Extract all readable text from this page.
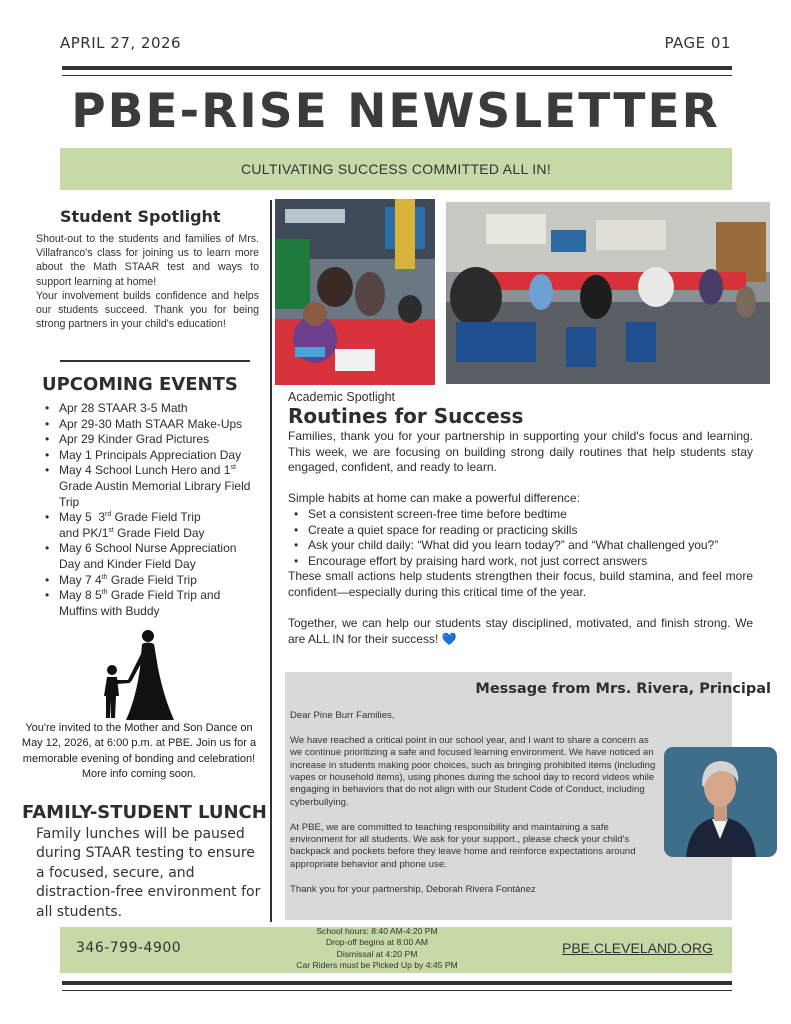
APRIL 27, 2026	PAGE 01
PBE-RISE NEWSLETTER
CULTIVATING SUCCESS COMMITTED ALL IN!
Student Spotlight

Shout-out to the students and families of Mrs. Villafranco's class for joining us to learn more about the Math STAAR test and ways to support learning at home!

Your involvement builds confidence and helps our students succeed. Thank you for being strong partners in your child's education!

UPCOMING EVENTS
• Apr 28 STAAR 3-5 Math
• Apr 29-30 Math STAAR Make-Ups
• Apr 29 Kinder Grad Pictures
• May 1 Principals Appreciation Day
• May 4 School Lunch Hero and 1st Grade Austin Memorial Library Field Trip
• May 5  3rd Grade Field Trip
and PK/1st Grade Field Day
• May 6 School Nurse Appreciation Day and Kinder Field Day
• May 7 4th Grade Field Trip
• May 8 5th Grade Field Trip and Muffins with Buddy
You're invited to the Mother and Son Dance on May 12, 2026, at 6:00 p.m. at PBE. Join us for a memorable evening of bonding and celebration! More info coming soon.
FAMILY-STUDENT LUNCH
Family lunches will be paused during STAAR testing to ensure a focused, secure, and distraction-free environment for all students.
Academic Spotlight
Routines for Success

Families, thank you for your partnership in supporting your child's focus and learning. This week, we are focusing on building strong daily routines that help students stay engaged, confident, and ready to learn.

Simple habits at home can make a powerful difference:

• Set a consistent screen-free time before bedtime
• Create a quiet space for reading or practicing skills
• Ask your child daily: “What did you learn today?” and “What challenged you?”
• Encourage effort by praising hard work, not just correct answers

These small actions help students strengthen their focus, build stamina, and feel more confident—especially during this critical time of the year.

Together, we can help our students stay disciplined, motivated, and finish strong. We are ALL IN for their success! 💙

Message from Mrs. Rivera, Principal

Dear Pine Burr Families,

We have reached a critical point in our school year, and I want to share a concern as we continue prioritizing a safe and focused learning environment. We have noticed an increase in students making poor choices, such as bringing prohibited items (including vapes or household items), using phones during the school day to record videos while engaging in behaviors that do not align with our Student Code of Conduct, including cyberbullying.

At PBE, we are committed to teaching responsibility and maintaining a safe environment for all students. We ask for your support., please check your child's backpack and pockets before they leave home and reinforce expectations around appropriate behavior and phone use.

Thank you for your partnership, Deborah Rivera Fontánez

346-799-4900
School hours: 8:40 AM-4:20 PM
Drop-off begins at 8:00 AM
Dismissal at 4:20 PM
Car Riders must be Picked Up by 4:45 PM
PBE.CLEVELAND.ORG
